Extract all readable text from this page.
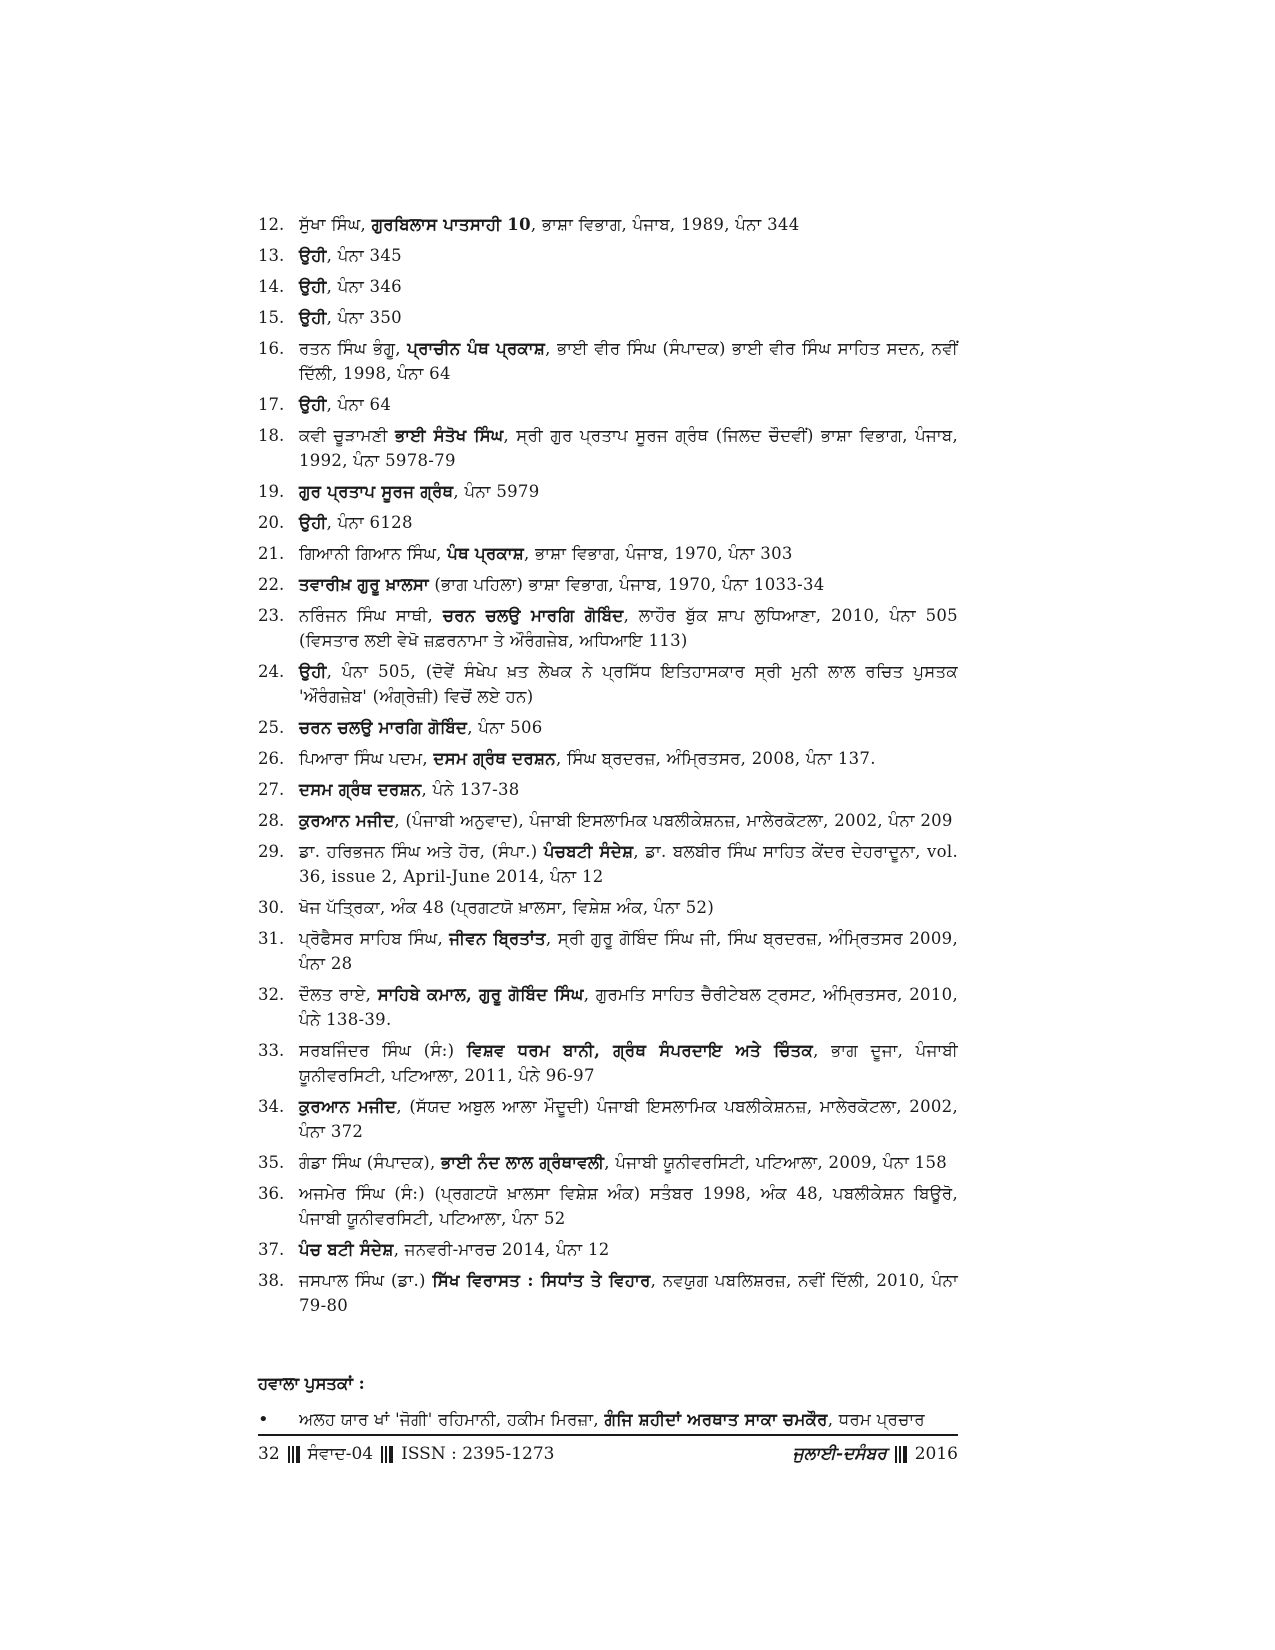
12. ਸੁੱਖਾ ਸਿੰਘ, ਗੁਰਬਿਲਾਸ ਪਾਤਸਾਹੀ 10, ਭਾਸ਼ਾ ਵਿਭਾਗ, ਪੰਜਾਬ, 1989, ਪੰਨਾ 344
13. ਉਹੀ, ਪੰਨਾ 345
14. ਉਹੀ, ਪੰਨਾ 346
15. ਉਹੀ, ਪੰਨਾ 350
16. ਰਤਨ ਸਿੰਘ ਭੰਗੂ, ਪ੍ਰਾਚੀਨ ਪੰਥ ਪ੍ਰਕਾਸ਼, ਭਾਈ ਵੀਰ ਸਿੰਘ (ਸੰਪਾਦਕ) ਭਾਈ ਵੀਰ ਸਿੰਘ ਸਾਹਿਤ ਸਦਨ, ਨਵੀਂ ਦਿੱਲੀ, 1998, ਪੰਨਾ 64
17. ਉਹੀ, ਪੰਨਾ 64
18. ਕਵੀ ਚੂੜਾਮਣੀ ਭਾਈ ਸੰਤੋਖ ਸਿੰਘ, ਸ੍ਰੀ ਗੁਰ ਪ੍ਰਤਾਪ ਸੂਰਜ ਗ੍ਰੰਥ (ਜਿਲਦ ਚੌਦਵੀਂ) ਭਾਸ਼ਾ ਵਿਭਾਗ, ਪੰਜਾਬ, 1992, ਪੰਨਾ 5978-79
19. ਗੁਰ ਪ੍ਰਤਾਪ ਸੂਰਜ ਗ੍ਰੰਥ, ਪੰਨਾ 5979
20. ਉਹੀ, ਪੰਨਾ 6128
21. ਗਿਆਨੀ ਗਿਆਨ ਸਿੰਘ, ਪੰਥ ਪ੍ਰਕਾਸ਼, ਭਾਸ਼ਾ ਵਿਭਾਗ, ਪੰਜਾਬ, 1970, ਪੰਨਾ 303
22. ਤਵਾਰੀਖ਼ ਗੁਰੂ ਖ਼ਾਲਸਾ (ਭਾਗ ਪਹਿਲਾ) ਭਾਸ਼ਾ ਵਿਭਾਗ, ਪੰਜਾਬ, 1970, ਪੰਨਾ 1033-34
23. ਨਰਿੰਜਨ ਸਿੰਘ ਸਾਥੀ, ਚਰਨ ਚਲਉ ਮਾਰਗਿ ਗੋਬਿੰਦ, ਲਾਹੌਰ ਬੁੱਕ ਸ਼ਾਪ ਲੁਧਿਆਣਾ, 2010, ਪੰਨਾ 505 (ਵਿਸਤਾਰ ਲਈ ਵੇਖੋ ਜ਼ਫ਼ਰਨਾਮਾ ਤੇ ਔਰੰਗਜ਼ੇਬ, ਅਧਿਆਇ 113)
24. ਉਹੀ, ਪੰਨਾ 505, (ਦੋਵੇਂ ਸੰਖੇਪ ਖ਼ਤ ਲੇਖਕ ਨੇ ਪ੍ਰਸਿੱਧ ਇਤਿਹਾਸਕਾਰ ਸ੍ਰੀ ਮੁਨੀ ਲਾਲ ਰਚਿਤ ਪੁਸਤਕ 'ਔਰੰਗਜ਼ੇਬ' (ਅੰਗ੍ਰੇਜ਼ੀ) ਵਿਚੋਂ ਲਏ ਹਨ)
25. ਚਰਨ ਚਲਉ ਮਾਰਗਿ ਗੋਬਿੰਦ, ਪੰਨਾ 506
26. ਪਿਆਰਾ ਸਿੰਘ ਪਦਮ, ਦਸਮ ਗ੍ਰੰਥ ਦਰਸ਼ਨ, ਸਿੰਘ ਬ੍ਰਦਰਜ਼, ਅੰਮ੍ਰਿਤਸਰ, 2008, ਪੰਨਾ 137.
27. ਦਸਮ ਗ੍ਰੰਥ ਦਰਸ਼ਨ, ਪੰਨੇ 137-38
28. ਕੁਰਆਨ ਮਜੀਦ, (ਪੰਜਾਬੀ ਅਨੁਵਾਦ), ਪੰਜਾਬੀ ਇਸਲਾਮਿਕ ਪਬਲੀਕੇਸ਼ਨਜ਼, ਮਾਲੇਰਕੋਟਲਾ, 2002, ਪੰਨਾ 209
29. ਡਾ. ਹਰਿਭਜਨ ਸਿੰਘ ਅਤੇ ਹੋਰ, (ਸੰਪਾ.) ਪੰਚਬਟੀ ਸੰਦੇਸ਼, ਡਾ. ਬਲਬੀਰ ਸਿੰਘ ਸਾਹਿਤ ਕੇਂਦਰ ਦੇਹਰਾਦੂਨਾ, vol. 36, issue 2, April-June 2014, ਪੰਨਾ 12
30. ਖੋਜ ਪੱਤ੍ਰਿਕਾ, ਅੰਕ 48 (ਪ੍ਰਗਟਯੋ ਖ਼ਾਲਸਾ, ਵਿਸ਼ੇਸ਼ ਅੰਕ, ਪੰਨਾ 52)
31. ਪ੍ਰੋਫੈਸਰ ਸਾਹਿਬ ਸਿੰਘ, ਜੀਵਨ ਬ੍ਰਿਤਾਂਤ, ਸ੍ਰੀ ਗੁਰੂ ਗੋਬਿੰਦ ਸਿੰਘ ਜੀ, ਸਿੰਘ ਬ੍ਰਦਰਜ਼, ਅੰਮ੍ਰਿਤਸਰ 2009, ਪੰਨਾ 28
32. ਦੌਲਤ ਰਾਏ, ਸਾਹਿਬੇ ਕਮਾਲ, ਗੁਰੂ ਗੋਬਿੰਦ ਸਿੰਘ, ਗੁਰਮਤਿ ਸਾਹਿਤ ਚੈਰੀਟੇਬਲ ਟ੍ਰਸਟ, ਅੰਮ੍ਰਿਤਸਰ, 2010, ਪੰਨੇ 138-39.
33. ਸਰਬਜਿੰਦਰ ਸਿੰਘ (ਸੰ:) ਵਿਸ਼ਵ ਧਰਮ ਬਾਨੀ, ਗ੍ਰੰਥ ਸੰਪਰਦਾਇ ਅਤੇ ਚਿੰਤਕ, ਭਾਗ ਦੂਜਾ, ਪੰਜਾਬੀ ਯੂਨੀਵਰਸਿਟੀ, ਪਟਿਆਲਾ, 2011, ਪੰਨੇ 96-97
34. ਕੁਰਆਨ ਮਜੀਦ, (ਸੱਯਦ ਅਬੁਲ ਆਲਾ ਮੌਦੂਦੀ) ਪੰਜਾਬੀ ਇਸਲਾਮਿਕ ਪਬਲੀਕੇਸ਼ਨਜ਼, ਮਾਲੇਰਕੋਟਲਾ, 2002, ਪੰਨਾ 372
35. ਗੰਡਾ ਸਿੰਘ (ਸੰਪਾਦਕ), ਭਾਈ ਨੰਦ ਲਾਲ ਗ੍ਰੰਥਾਵਲੀ, ਪੰਜਾਬੀ ਯੂਨੀਵਰਸਿਟੀ, ਪਟਿਆਲਾ, 2009, ਪੰਨਾ 158
36. ਅਜਮੇਰ ਸਿੰਘ (ਸੰ:) (ਪ੍ਰਗਟਯੋ ਖ਼ਾਲਸਾ ਵਿਸ਼ੇਸ਼ ਅੰਕ) ਸਤੰਬਰ 1998, ਅੰਕ 48, ਪਬਲੀਕੇਸ਼ਨ ਬਿਊਰੋ, ਪੰਜਾਬੀ ਯੂਨੀਵਰਸਿਟੀ, ਪਟਿਆਲਾ, ਪੰਨਾ 52
37. ਪੰਚ ਬਟੀ ਸੰਦੇਸ਼, ਜਨਵਰੀ-ਮਾਰਚ 2014, ਪੰਨਾ 12
38. ਜਸਪਾਲ ਸਿੰਘ (ਡਾ.) ਸਿੱਖ ਵਿਰਾਸਤ : ਸਿਧਾਂਤ ਤੇ ਵਿਹਾਰ, ਨਵਯੁਗ ਪਬਲਿਸ਼ਰਜ਼, ਨਵੀਂ ਦਿੱਲੀ, 2010, ਪੰਨਾ 79-80

ਹਵਾਲਾ ਪੁਸਤਕਾਂ :

•	ਅਲਹ ਯਾਰ ਖਾਂ 'ਜੋਗੀ' ਰਹਿਮਾਨੀ, ਹਕੀਮ ਮਿਰਜ਼ਾ, ਗੰਜਿ ਸ਼ਹੀਦਾਂ ਅਰਥਾਤ ਸਾਕਾ ਚਮਕੌਰ, ਧਰਮ ਪ੍ਰਚਾਰ
32 ਸੰਵਾਦ-04 ISSN : 2395-1273	ਜੁਲਾਈ-ਦਸੰਬਰ 2016
